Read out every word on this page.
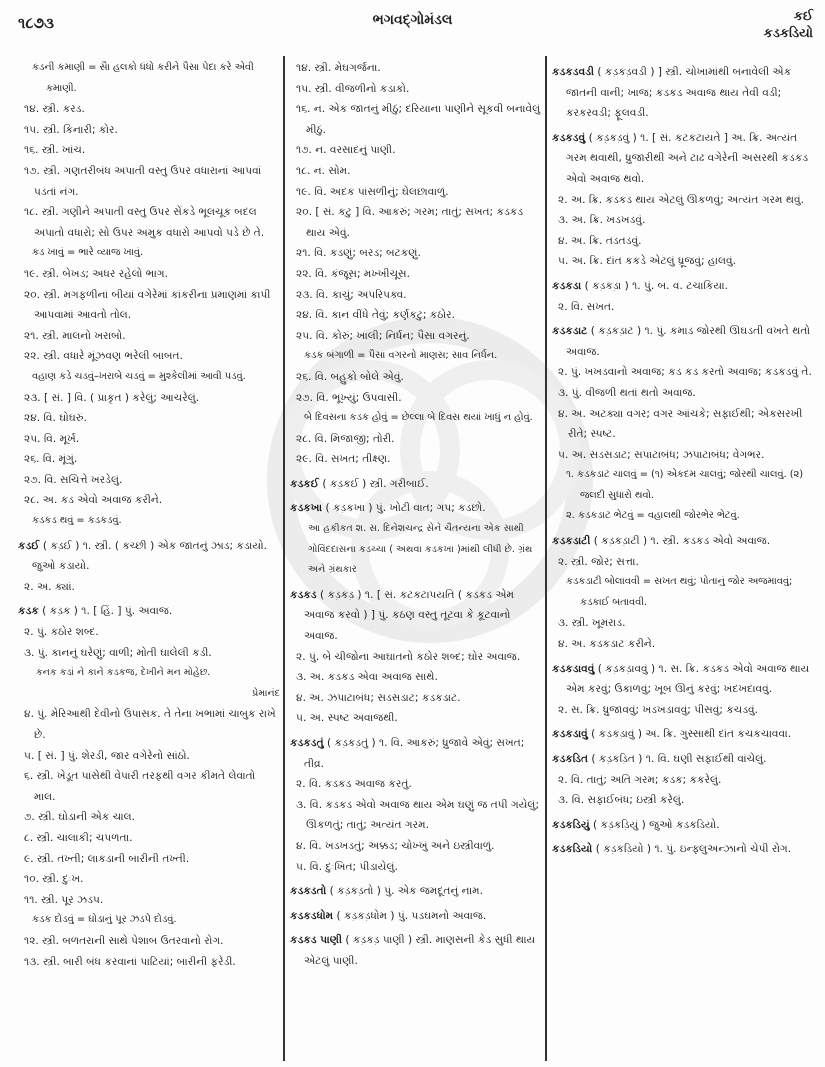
૧૮૭૩	ભગવદ્ગોમંડલ	કઈ
કડકડિયો
કડની કમાણી = સાૈ હલકો ધંધો કરીને પૈસા પેદા કરે એવી કમાણી.
૧૪. સ્ત્રી. કરડ.
૧૫. સ્ત્રી. કિનારી; કોર.
૧૬. સ્ત્રી. ખાંચ.
૧૭. સ્ત્રી. ગણતરીબંધ અપાતી વસ્તુ ઉપર વધારાનાં આપવાં પડતાં નંગ.
૧૮. સ્ત્રી. ગણીને અપાતી વસ્તુ ઉપર સેંકડે ભૂલચૂક બદલ અપાતો વધારો; સો ઉપર અમુક વધારો આપવો પડે છે તે.
કડ ખાવું = ભારે વ્યાજ ખાવું.
૧૯. સ્ત્રી. બેખડ; અધર રહેલો ભાગ.
૨૦. સ્ત્રી. મગફળીનાં બીયાં વગેરેમાં કાંકરીના પ્રમાણમાં કાપી આપવામાં આવતો તોલ.
૨૧. સ્ત્રી. માલનો ખરાબો.
૨૨. સ્ત્રી. વધારે મૂંઝવણ ભરેલી બાબત.
વહાણ કડે ચડવું–ખરાબે ચડવું = મુશ્કેલીમાં આવી પડવું.
૨૩. [ સં. ] વિ. ( પ્રાકૃત ) કરેલું; આચરેલું.
૨૪. વિ. ઘોઘરું.
૨૫. વિ. મૂર્ખ.
૨૬. વિ. મૂંગું.
૨૭. વિ. સચિત્તે ખરડેલું.
૨૮. અ. કડ એવો અવાજ કરીને.
કડકડ થવું = કડકડવું.
કડઈ ( કડ઼ઈ ) ૧. સ્ત્રી. ( કચ્છી ) એક જાતનું ઝાડ; કડાયો. જુઓ કડાયો.
૨. અ. ક્યાં.
કડક ( કડ઼ક ) ૧. [ હિં. ] પું. અવાજ.
૨. પું. કઠોર શબ્દ.
૩. પું. કાનનું ઘરેણું; વાળી; મોતી ઘાલેલી કડી.
કનક કડાં ને કાને કડકજ, દેખીને મન મોહેછ.
પ્રેમાનંદ
૪. પું. મેરિઆથી દેવીનો ઉપાસક. તે તેના ખભામાં ચાબુક રાખે છે.
૫. [ સં. ] પું. શેરડી, જાર વગેરેનો સાંઠો.
૬. સ્ત્રી. ખેડૂત પાસેથી વેપારી તરફથી વગર કીમતે લેવાતો માલ.
૭. સ્ત્રી. ઘોડાની એક ચાલ.
૮. સ્ત્રી. ચાલાકી; ચપળતા.
૯. સ્ત્રી. તખ્તી; લાકડાની બારીની તખ્તી.
૧૦. સ્ત્રી. દુઃખ.
૧૧. સ્ત્રી. પૂર ઝડપ.
કડક દોડવું = ઘોડાનું પૂર ઝડપે દોડવું.
૧૨. સ્ત્રી. બળતરાની સાથે પેશાબ ઉતરવાનો રોગ.
૧૩. સ્ત્રી. બારી બંધ કરવાનાં પાટિયાં; બારીની ફરેડી.
૧૪. સ્ત્રી. મેઘગર્જના.
૧૫. સ્ત્રી. વીજળીનો કડાકો.
૧૬. ન. એક જાતનું મીઠું; દરિયાના પાણીને સૂકવી બનાવેલું મીઠું.
૧૭. ન. વરસાદનું પાણી.
૧૮. ન. સોમ.
૧૯. વિ. અદક પાંસળીનું; ઘેલછાવાળું.
૨૦. [ સં. કટુ ] વિ. આકરું; ગરમ; તાતું; સખત; કડકડ થાય એવું.
૨૧. વિ. કડણું; બરડ; બટકણું.
૨૨. વિ. કંજૂસ; મખ્ખીચૂસ.
૨૩. વિ. કાચું; અપરિપક્વ.
૨૪. વિ. કાન વીંધે તેવું; કર્ણકટુ; કઠોર.
૨૫. વિ. કોરું; ખાલી; નિર્ધન; પૈસા વગરનું.
કડક બંગાળી = પૈસા વગરનો માણસ; સાવ નિર્ધન.
૨૬. વિ. બહુ઼કો બોલે એવું.
૨૭. વિ. ભૂખ્યું; ઉપવાસી.
બે દિવસના કડક હોવું = છેલ્લા બે દિવસ થયાં ખાધું ન હોવું.
૨૮. વિ. મિજાજી; તોરી.
૨૯. વિ. સખત; તીક્ષ્ણ.
કડકઈ ( કડ઼કઈ ) સ્ત્રી. ગરીબાઈ.
કડકખા ( કડ઼કખા ) પું. ખોટી વાત; ગપ; કડછો.
આ હકીકત શ. સ. દિનેશચન્દ્ર સેને ચૈતન્યના એક સાથી ગોવિંદદાસના કડચ્ચા ( અથવા કડકખા )માંથી લીધી છે. ગ્રંથ અને ગ્રંથકાર
કડકડ ( કડ઼કડ઼ ) ૧. [ સં. કટકટાપયતિ ( કડકડ એમ અવાજ કરવો ) ] પું. કઠણ વસ્તુ તૂટવા કે કૂટવાનો અવાજ.
૨. પું. બે ચીજોના આઘાતનો કઠોર શબ્દ; ઘોર અવાજ.
૩. અ. કડકડ એવા અવાજ સાથે.
૪. અ. ઝપાટાબંધ; સડસડાટ; કડકડાટ.
૫. અ. સ્પષ્ટ અવાજથી.
કડકડતું ( કડ઼કડ઼તું ) ૧. વિ. આકરું; ધ્રુજાવે એવું; સખત; તીવ્ર.
૨. વિ. કડકડ અવાજ કરતું.
૩. વિ. કડકડ એવો અવાજ થાય એમ ઘણું જ તપી ગયેલું; ઊકળતું; તાતું; અત્યંત ગરમ.
૪. વિ. ખડખડતું; અક્કડ; ચોખ્ખું અને ઇસ્ત્રીવાળું.
૫. વિ. દુઃખિત; પીડાયેલું.
કડકડતો ( કડ઼કડ઼તો ) પું. એક જમદૂતનું નામ.
કડકડધોમ ( કડ઼કડ઼ધોમ ) પું. પડઘમનો અવાજ.
કડકડ પાણી ( કડ઼કડ઼ પાણી ) સ્ત્રી. માણસની કેડ સુધી થાય એટલું પાણી.
કડકડવડી ( કડ઼કડ઼વડી ) ] સ્ત્રી. ચોખામાંથી બનાવેલી એક જાતની વાની; ખાજ; કડકડ અવાજ થાય તેવી વડી; કરકરવડી; ફૂલવડી.
કડકડવું ( કડ઼કડ઼વું ) ૧. [ સં. કટકટાયતે ] અ. ક્રિ. અત્યંત ગરમ થવાથી, ધ્રુજારીથી અને ટાઢ વગેરેની અસરથી કડકડ એવો અવાજ થવો.
૨. અ. ક્રિ. કડકડ થાય એટલું ઊકળવું; અત્યંત ગરમ થવું.
૩. અ. ક્રિ. ખડખડવું.
૪. અ. ક્રિ. તડતડવું.
૫. અ. ક્રિ. દાંત કકડે એટલું ધ્રૂજવું; હાલવું.
કડકડા ( કડ઼કડ઼ા ) ૧. પું. બ. વ. ટચાકિયા.
૨. વિ. સખત.
કડકડાટ ( કડ઼કડ઼ાટ ) ૧. પું. કમાડ જોરથી ઊઘડતી વખતે થતો અવાજ.
૨. પું. ખખડવાનો અવાજ; કડ કડ કરતો અવાજ; કડકડવું તે.
૩. પું. વીજળી થતાં થતો અવાજ.
૪. અ. અટક્યા વગર; વગર આંચકે; સફાઈથી; એકસરખી રીતે; સ્પષ્ટ.
૫. અ. સડસડાટ; સપાટાબંધ; ઝપાટાબંધ; વેગભર.
૧. કડકડાટ ચાલવું = (૧) એકદમ ચાલવું; જોરથી ચાલવું. (૨) જલદી સુધારો થવો.
૨. કડકડાટ ભેટવું = વહાલથી જોરભેર ભેટવું.
કડકડાટી ( કડ઼કડ઼ાટી ) ૧. સ્ત્રી. કડકડ એવો અવાજ.
૨. સ્ત્રી. જોર; સત્તા.
કડકડાટી બોલાવવી = સખત થવું; પોતાનું જોર અજમાવવું; કડકાઈ બતાવવી.
૩. સ્ત્રી. ખૂમરાડ.
૪. અ. કડકડાટ કરીને.
કડકડાવવું ( કડ઼કડ઼ાવવું ) ૧. સ. ક્રિ. કડકડ એવો અવાજ થાય એમ કરવું; ઉકાળવું; ખૂબ ઊનું કરવું; ખદખદાવવું.
૨. સ. ક્રિ. ધ્રુજાવવું; ખડખડાવવું; પીસવું; કચડવું.
કડકડાવું ( કડ઼કડ઼ાવું ) અ. ક્રિ. ગુસ્સાથી દાંત કચકચાવવા.
કડકડિત ( કડ઼કડ઼િત ) ૧. વિ. ઘણી સફાઈથી વાંચેલું.
૨. વિ. તાતું; અતિ ગરમ; કડક; કકરેલું.
૩. વિ. સફાઈબંધ; ઇસ્ત્રી કરેલું.
કડકડિયું ( કડ઼કડ઼િયું ) જુઓ કડકડિયો.
કડકડિયો ( કડ઼કડ઼િયો ) ૧. પું. ઇન્ફ્લુઅન્ઝાનો ચેપી રોગ.
